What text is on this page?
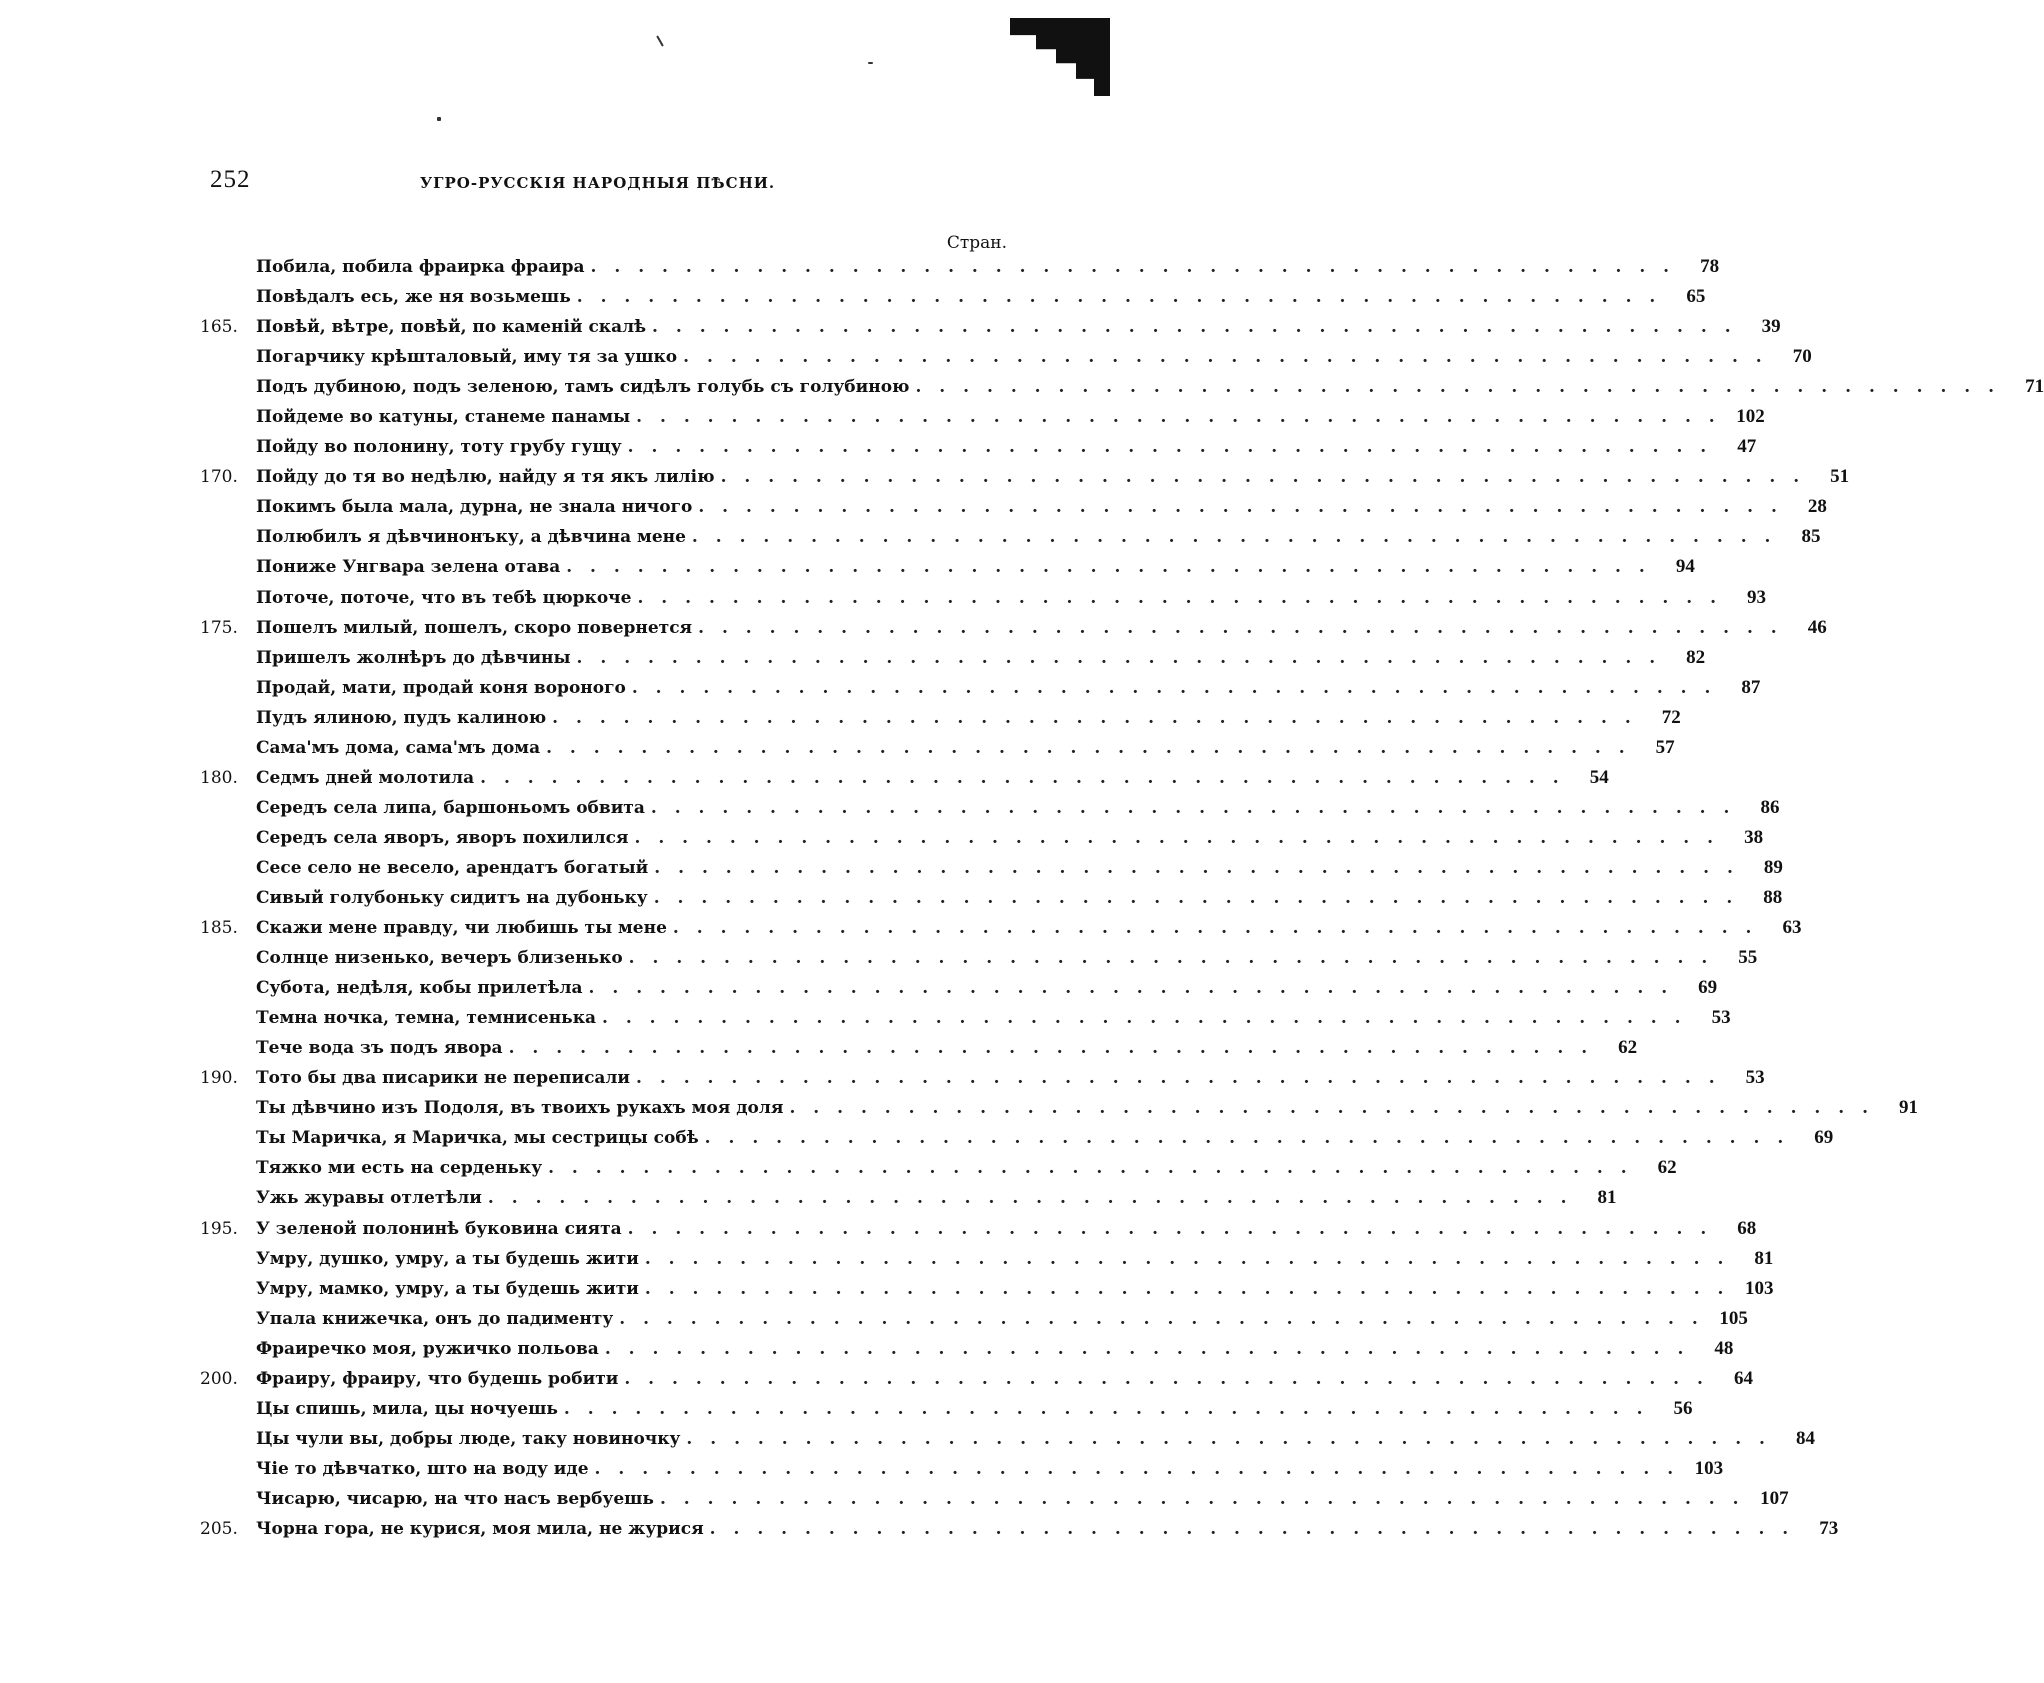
252	УГРО-РУССКІЯ НАРОДНЫЯ ПѢСНИ.
Стран.
Побила, побила фраирка фраира . . . . . . . . . . . . . . . . . . . . . . . . . . . . . . . . . . . . . . . . . . . . . .	78
Повѣдалъ есь, же ня возьмешь . . . . . . . . . . . . . . . . . . . . . . . . . . . . . . . . . . . . . . . . . . . . . .	65
165.	Повѣй, вѣтре, повѣй, по каменій скалѣ . . . . . . . . . . . . . . . . . . . . . . . . . . . . . . . . . . . . . . . . . . . . . .	39
Погарчику крѣшталовый, иму тя за ушко . . . . . . . . . . . . . . . . . . . . . . . . . . . . . . . . . . . . . . . . . . . . . .	70
Подъ дубиною, подъ зеленою, тамъ сидѣлъ голубь съ голубиною . . . . . . . . . . . . . . . . . . . . . . . . . . . . . . . . . . . . . . . . . . . . . .	71
Пойдеме во катуны, станеме панамы . . . . . . . . . . . . . . . . . . . . . . . . . . . . . . . . . . . . . . . . . . . . . . 102
Пойду во полонину, тоту грубу гущу . . . . . . . . . . . . . . . . . . . . . . . . . . . . . . . . . . . . . . . . . . . . . .	47
170.	Пойду до тя во недѣлю, найду я тя якъ лилію . . . . . . . . . . . . . . . . . . . . . . . . . . . . . . . . . . . . . . . . . . . . . .	51
Покимъ была мала, дурна, не знала ничого . . . . . . . . . . . . . . . . . . . . . . . . . . . . . . . . . . . . . . . . . . . . . .	28
Полюбилъ я дѣвчинонъку, а дѣвчина мене . . . . . . . . . . . . . . . . . . . . . . . . . . . . . . . . . . . . . . . . . . . . . .	85
Пониже Унгвара зелена отава . . . . . . . . . . . . . . . . . . . . . . . . . . . . . . . . . . . . . . . . . . . . . .	94
Поточе, поточе, что въ тебѣ цюркоче . . . . . . . . . . . . . . . . . . . . . . . . . . . . . . . . . . . . . . . . . . . . . .	93
175.	Пошелъ милый, пошелъ, скоро повернется . . . . . . . . . . . . . . . . . . . . . . . . . . . . . . . . . . . . . . . . . . . . . .	46
Пришелъ жолнѣръ до дѣвчины . . . . . . . . . . . . . . . . . . . . . . . . . . . . . . . . . . . . . . . . . . . . . .	82
Продай, мати, продай коня вороного . . . . . . . . . . . . . . . . . . . . . . . . . . . . . . . . . . . . . . . . . . . . . .	87
Пудъ ялиною, пудъ калиною . . . . . . . . . . . . . . . . . . . . . . . . . . . . . . . . . . . . . . . . . . . . . .	72
Сама'мъ дома, сама'мъ дома . . . . . . . . . . . . . . . . . . . . . . . . . . . . . . . . . . . . . . . . . . . . . .	57
180.	Седмъ дней молотила . . . . . . . . . . . . . . . . . . . . . . . . . . . . . . . . . . . . . . . . . . . . . .	54
Середъ села липа, баршоньомъ обвита . . . . . . . . . . . . . . . . . . . . . . . . . . . . . . . . . . . . . . . . . . . . . .	86
Середъ села яворъ, яворъ похилился . . . . . . . . . . . . . . . . . . . . . . . . . . . . . . . . . . . . . . . . . . . . . .	38
Сесе село не весело, арендатъ богатый . . . . . . . . . . . . . . . . . . . . . . . . . . . . . . . . . . . . . . . . . . . . . .	89
Сивый голубоньку сидитъ на дубоньку . . . . . . . . . . . . . . . . . . . . . . . . . . . . . . . . . . . . . . . . . . . . . .	88
185.	Скажи мене правду, чи любишь ты мене . . . . . . . . . . . . . . . . . . . . . . . . . . . . . . . . . . . . . . . . . . . . . .	63
Солнце низенько, вечеръ близенько . . . . . . . . . . . . . . . . . . . . . . . . . . . . . . . . . . . . . . . . . . . . . .	55
Субота, недѣля, кобы прилетѣла . . . . . . . . . . . . . . . . . . . . . . . . . . . . . . . . . . . . . . . . . . . . . .	69
Темна ночка, темна, темнисенька . . . . . . . . . . . . . . . . . . . . . . . . . . . . . . . . . . . . . . . . . . . . . .	53
Тече вода зъ подъ явора . . . . . . . . . . . . . . . . . . . . . . . . . . . . . . . . . . . . . . . . . . . . . .	62
190.	Тото бы два писарики не переписали . . . . . . . . . . . . . . . . . . . . . . . . . . . . . . . . . . . . . . . . . . . . . .	53
Ты дѣвчино изъ Подоля, въ твоихъ рукахъ моя доля . . . . . . . . . . . . . . . . . . . . . . . . . . . . . . . . . . . . . . . . . . . . . .	91
Ты Маричка, я Маричка, мы сестрицы собѣ . . . . . . . . . . . . . . . . . . . . . . . . . . . . . . . . . . . . . . . . . . . . . .	69
Тяжко ми есть на серденьку . . . . . . . . . . . . . . . . . . . . . . . . . . . . . . . . . . . . . . . . . . . . . .	62
Ужь журавы отлетѣли . . . . . . . . . . . . . . . . . . . . . . . . . . . . . . . . . . . . . . . . . . . . . .	81
195.	У зеленой полонинѣ буковина сията . . . . . . . . . . . . . . . . . . . . . . . . . . . . . . . . . . . . . . . . . . . . . .	68
Умру, душко, умру, а ты будешь жити . . . . . . . . . . . . . . . . . . . . . . . . . . . . . . . . . . . . . . . . . . . . . .	81
Умру, мамко, умру, а ты будешь жити . . . . . . . . . . . . . . . . . . . . . . . . . . . . . . . . . . . . . . . . . . . . . . 103
Упала книжечка, онъ до падименту . . . . . . . . . . . . . . . . . . . . . . . . . . . . . . . . . . . . . . . . . . . . . . 105
Фраиречко моя, ружичко польова . . . . . . . . . . . . . . . . . . . . . . . . . . . . . . . . . . . . . . . . . . . . . .	48
200.	Фраиру, фраиру, что будешь робити . . . . . . . . . . . . . . . . . . . . . . . . . . . . . . . . . . . . . . . . . . . . . .	64
Цы спишь, мила, цы ночуешь . . . . . . . . . . . . . . . . . . . . . . . . . . . . . . . . . . . . . . . . . . . . . .	56
Цы чули вы, добры люде, таку новиночку . . . . . . . . . . . . . . . . . . . . . . . . . . . . . . . . . . . . . . . . . . . . . .	84
Чіе то дѣвчатко, што на воду иде . . . . . . . . . . . . . . . . . . . . . . . . . . . . . . . . . . . . . . . . . . . . . . 103
Чисарю, чисарю, на что насъ вербуешь . . . . . . . . . . . . . . . . . . . . . . . . . . . . . . . . . . . . . . . . . . . . . . 107
205.	Чорна гора, не курися, моя мила, не журися . . . . . . . . . . . . . . . . . . . . . . . . . . . . . . . . . . . . . . . . . . . . . .	73
